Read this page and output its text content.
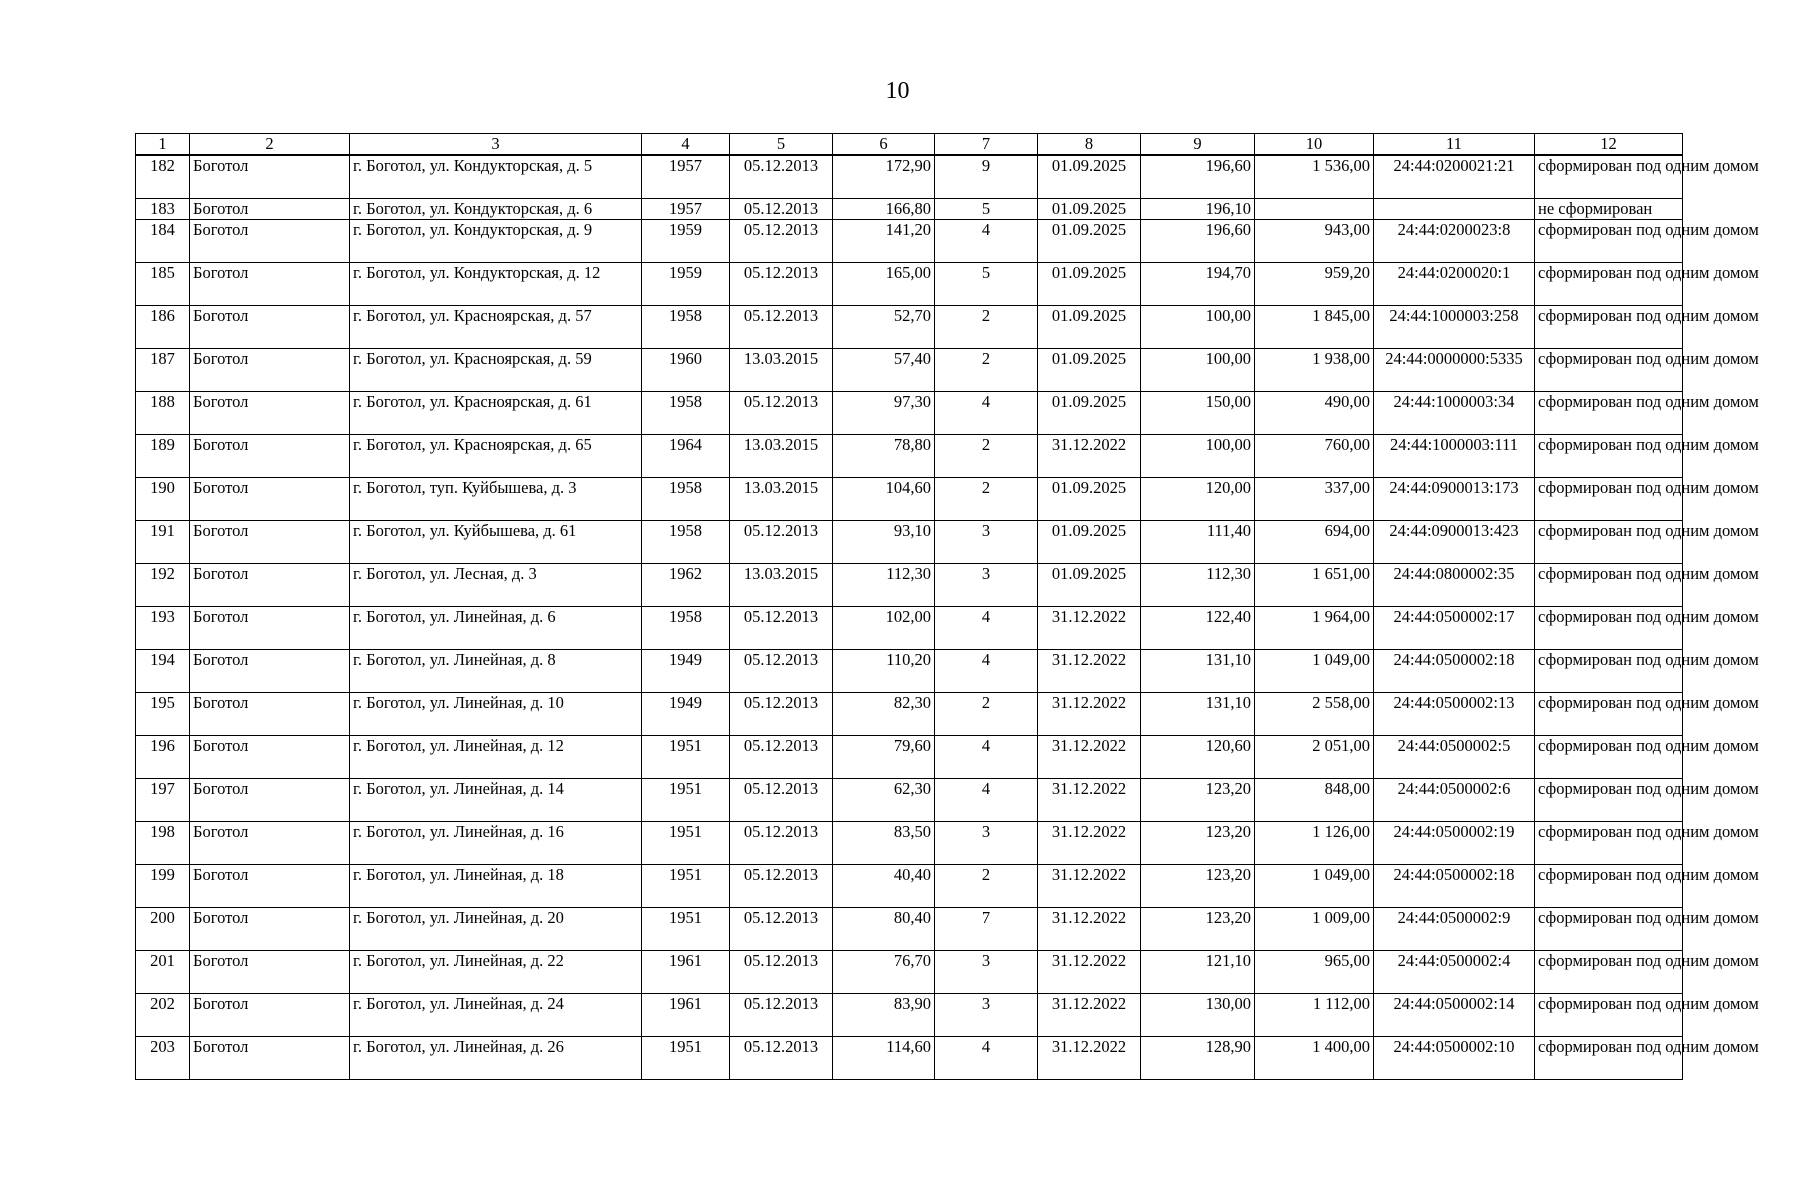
10
1	2	3	4	5	6	7	8	9	10	11	12
182	Боготол	г. Боготол, ул. Кондукторская, д. 5	1957	05.12.2013	172,90	9	01.09.2025	196,60	1 536,00	24:44:0200021:21	сформирован под одним домом
183	Боготол	г. Боготол, ул. Кондукторская, д. 6	1957	05.12.2013	166,80	5	01.09.2025	196,10			не сформирован
184	Боготол	г. Боготол, ул. Кондукторская, д. 9	1959	05.12.2013	141,20	4	01.09.2025	196,60	943,00	24:44:0200023:8	сформирован под одним домом
185	Боготол	г. Боготол, ул. Кондукторская, д. 12	1959	05.12.2013	165,00	5	01.09.2025	194,70	959,20	24:44:0200020:1	сформирован под одним домом
186	Боготол	г. Боготол, ул. Красноярская, д. 57	1958	05.12.2013	52,70	2	01.09.2025	100,00	1 845,00	24:44:1000003:258	сформирован под одним домом
187	Боготол	г. Боготол, ул. Красноярская, д. 59	1960	13.03.2015	57,40	2	01.09.2025	100,00	1 938,00	24:44:0000000:5335	сформирован под одним домом
188	Боготол	г. Боготол, ул. Красноярская, д. 61	1958	05.12.2013	97,30	4	01.09.2025	150,00	490,00	24:44:1000003:34	сформирован под одним домом
189	Боготол	г. Боготол, ул. Красноярская, д. 65	1964	13.03.2015	78,80	2	31.12.2022	100,00	760,00	24:44:1000003:111	сформирован под одним домом
190	Боготол	г. Боготол, туп. Куйбышева, д. 3	1958	13.03.2015	104,60	2	01.09.2025	120,00	337,00	24:44:0900013:173	сформирован под одним домом
191	Боготол	г. Боготол, ул. Куйбышева, д. 61	1958	05.12.2013	93,10	3	01.09.2025	111,40	694,00	24:44:0900013:423	сформирован под одним домом
192	Боготол	г. Боготол, ул. Лесная, д. 3	1962	13.03.2015	112,30	3	01.09.2025	112,30	1 651,00	24:44:0800002:35	сформирован под одним домом
193	Боготол	г. Боготол, ул. Линейная, д. 6	1958	05.12.2013	102,00	4	31.12.2022	122,40	1 964,00	24:44:0500002:17	сформирован под одним домом
194	Боготол	г. Боготол, ул. Линейная, д. 8	1949	05.12.2013	110,20	4	31.12.2022	131,10	1 049,00	24:44:0500002:18	сформирован под одним домом
195	Боготол	г. Боготол, ул. Линейная, д. 10	1949	05.12.2013	82,30	2	31.12.2022	131,10	2 558,00	24:44:0500002:13	сформирован под одним домом
196	Боготол	г. Боготол, ул. Линейная, д. 12	1951	05.12.2013	79,60	4	31.12.2022	120,60	2 051,00	24:44:0500002:5	сформирован под одним домом
197	Боготол	г. Боготол, ул. Линейная, д. 14	1951	05.12.2013	62,30	4	31.12.2022	123,20	848,00	24:44:0500002:6	сформирован под одним домом
198	Боготол	г. Боготол, ул. Линейная, д. 16	1951	05.12.2013	83,50	3	31.12.2022	123,20	1 126,00	24:44:0500002:19	сформирован под одним домом
199	Боготол	г. Боготол, ул. Линейная, д. 18	1951	05.12.2013	40,40	2	31.12.2022	123,20	1 049,00	24:44:0500002:18	сформирован под одним домом
200	Боготол	г. Боготол, ул. Линейная, д. 20	1951	05.12.2013	80,40	7	31.12.2022	123,20	1 009,00	24:44:0500002:9	сформирован под одним домом
201	Боготол	г. Боготол, ул. Линейная, д. 22	1961	05.12.2013	76,70	3	31.12.2022	121,10	965,00	24:44:0500002:4	сформирован под одним домом
202	Боготол	г. Боготол, ул. Линейная, д. 24	1961	05.12.2013	83,90	3	31.12.2022	130,00	1 112,00	24:44:0500002:14	сформирован под одним домом
203	Боготол	г. Боготол, ул. Линейная, д. 26	1951	05.12.2013	114,60	4	31.12.2022	128,90	1 400,00	24:44:0500002:10	сформирован под одним домом
